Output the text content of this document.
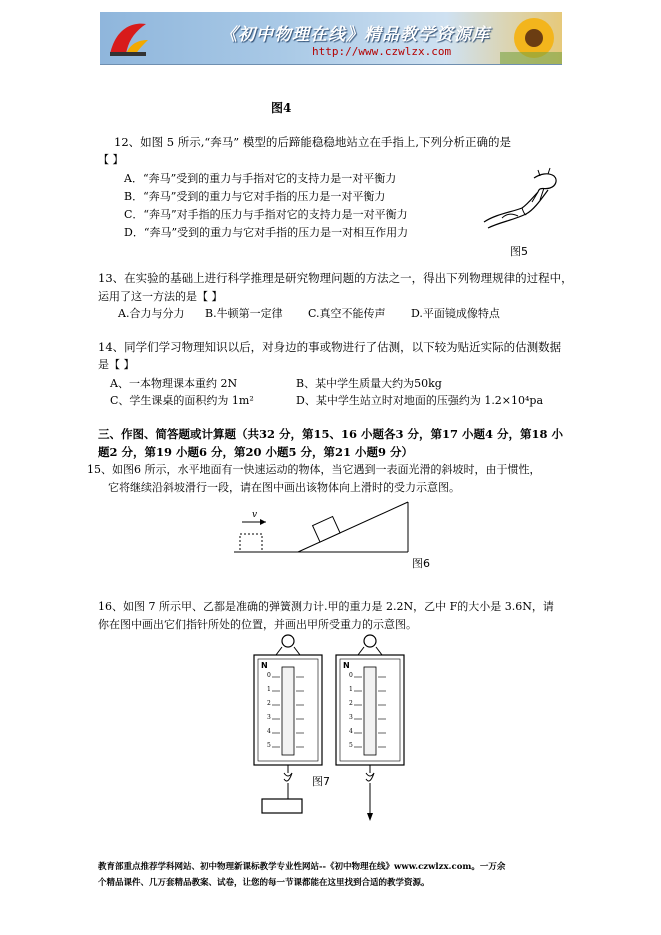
《初中物理在线》精品教学资源库
http://www.czwlzx.com
图4
12、如图 5 所示,“奔马” 模型的后蹄能稳稳地站立在手指上,下列分析正确的是
【 】
A．“奔马”受到的重力与手指对它的支持力是一对平衡力
B．“奔马”受到的重力与它对手指的压力是一对平衡力
C．“奔马”对手指的压力与手指对它的支持力是一对平衡力
D．“奔马”受到的重力与它对手指的压力是一对相互作用力
图5
13、在实验的基础上进行科学推理是研究物理问题的方法之一，得出下列物理规律的过程中，
运用了这一方法的是【 】
A.合力与分力 B.牛顿第一定律 C.真空不能传声 D.平面镜成像特点
14、同学们学习物理知识以后，对身边的事或物进行了估测，以下较为贴近实际的估测数据
是【 】
A、一本物理课本重约 2N	B、某中学生质量大约为50kg
C、学生课桌的面积约为 1m²	D、某中学生站立时对地面的压强约为 1.2×10⁴pa
三、作图、简答题或计算题（共32 分，第15、16 小题各3 分，第17 小题4 分，第18 小
题2 分，第19 小题6 分，第20 小题5 分，第21 小题9 分）
15、如图6 所示，水平地面有一快速运动的物体，当它遇到一表面光滑的斜坡时，由于惯性，
它将继续沿斜坡滑行一段，请在图中画出该物体向上滑时的受力示意图。
v
图6
16、如图 7 所示甲、乙都是准确的弹簧测力计.甲的重力是 2.2N，乙中 F的大小是 3.6N，请
你在图中画出它们指针所处的位置，并画出甲所受重力的示意图。
N
0
1
2
3
4
5
N
0
1
2
3
4
5
图7
教育部重点推荐学科网站、初中物理新课标教学专业性网站--《初中物理在线》www.czwlzx.com。一万余
个精品课件、几万套精品教案、试卷，让您的每一节课都能在这里找到合适的教学资源。
